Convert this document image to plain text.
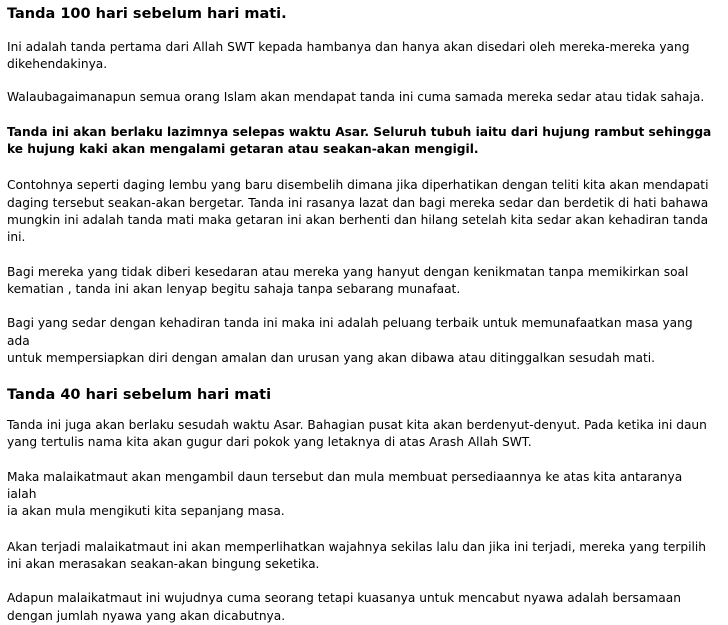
Tanda 100 hari sebelum hari mati.

Ini adalah tanda pertama dari Allah SWT kepada hambanya dan hanya akan disedari oleh mereka-mereka yang
dikehendakinya.

Walaubagaimanapun semua orang Islam akan mendapat tanda ini cuma samada mereka sedar atau tidak sahaja.

Tanda ini akan berlaku lazimnya selepas waktu Asar. Seluruh tubuh iaitu dari hujung rambut sehingga
ke hujung kaki akan mengalami getaran atau seakan-akan mengigil.

Contohnya seperti daging lembu yang baru disembelih dimana jika diperhatikan dengan teliti kita akan mendapati
daging tersebut seakan-akan bergetar. Tanda ini rasanya lazat dan bagi mereka sedar dan berdetik di hati bahawa
mungkin ini adalah tanda mati maka getaran ini akan berhenti dan hilang setelah kita sedar akan kehadiran tanda
ini.

Bagi mereka yang tidak diberi kesedaran atau mereka yang hanyut dengan kenikmatan tanpa memikirkan soal
kematian , tanda ini akan lenyap begitu sahaja tanpa sebarang munafaat.

Bagi yang sedar dengan kehadiran tanda ini maka ini adalah peluang terbaik untuk memunafaatkan masa yang ada
untuk mempersiapkan diri dengan amalan dan urusan yang akan dibawa atau ditinggalkan sesudah mati.

Tanda 40 hari sebelum hari mati

Tanda ini juga akan berlaku sesudah waktu Asar. Bahagian pusat kita akan berdenyut-denyut. Pada ketika ini daun
yang tertulis nama kita akan gugur dari pokok yang letaknya di atas Arash Allah SWT.

Maka malaikatmaut akan mengambil daun tersebut dan mula membuat persediaannya ke atas kita antaranya ialah
ia akan mula mengikuti kita sepanjang masa.

Akan terjadi malaikatmaut ini akan memperlihatkan wajahnya sekilas lalu dan jika ini terjadi, mereka yang terpilih
ini akan merasakan seakan-akan bingung seketika.

Adapun malaikatmaut ini wujudnya cuma seorang tetapi kuasanya untuk mencabut nyawa adalah bersamaan
dengan jumlah nyawa yang akan dicabutnya.
